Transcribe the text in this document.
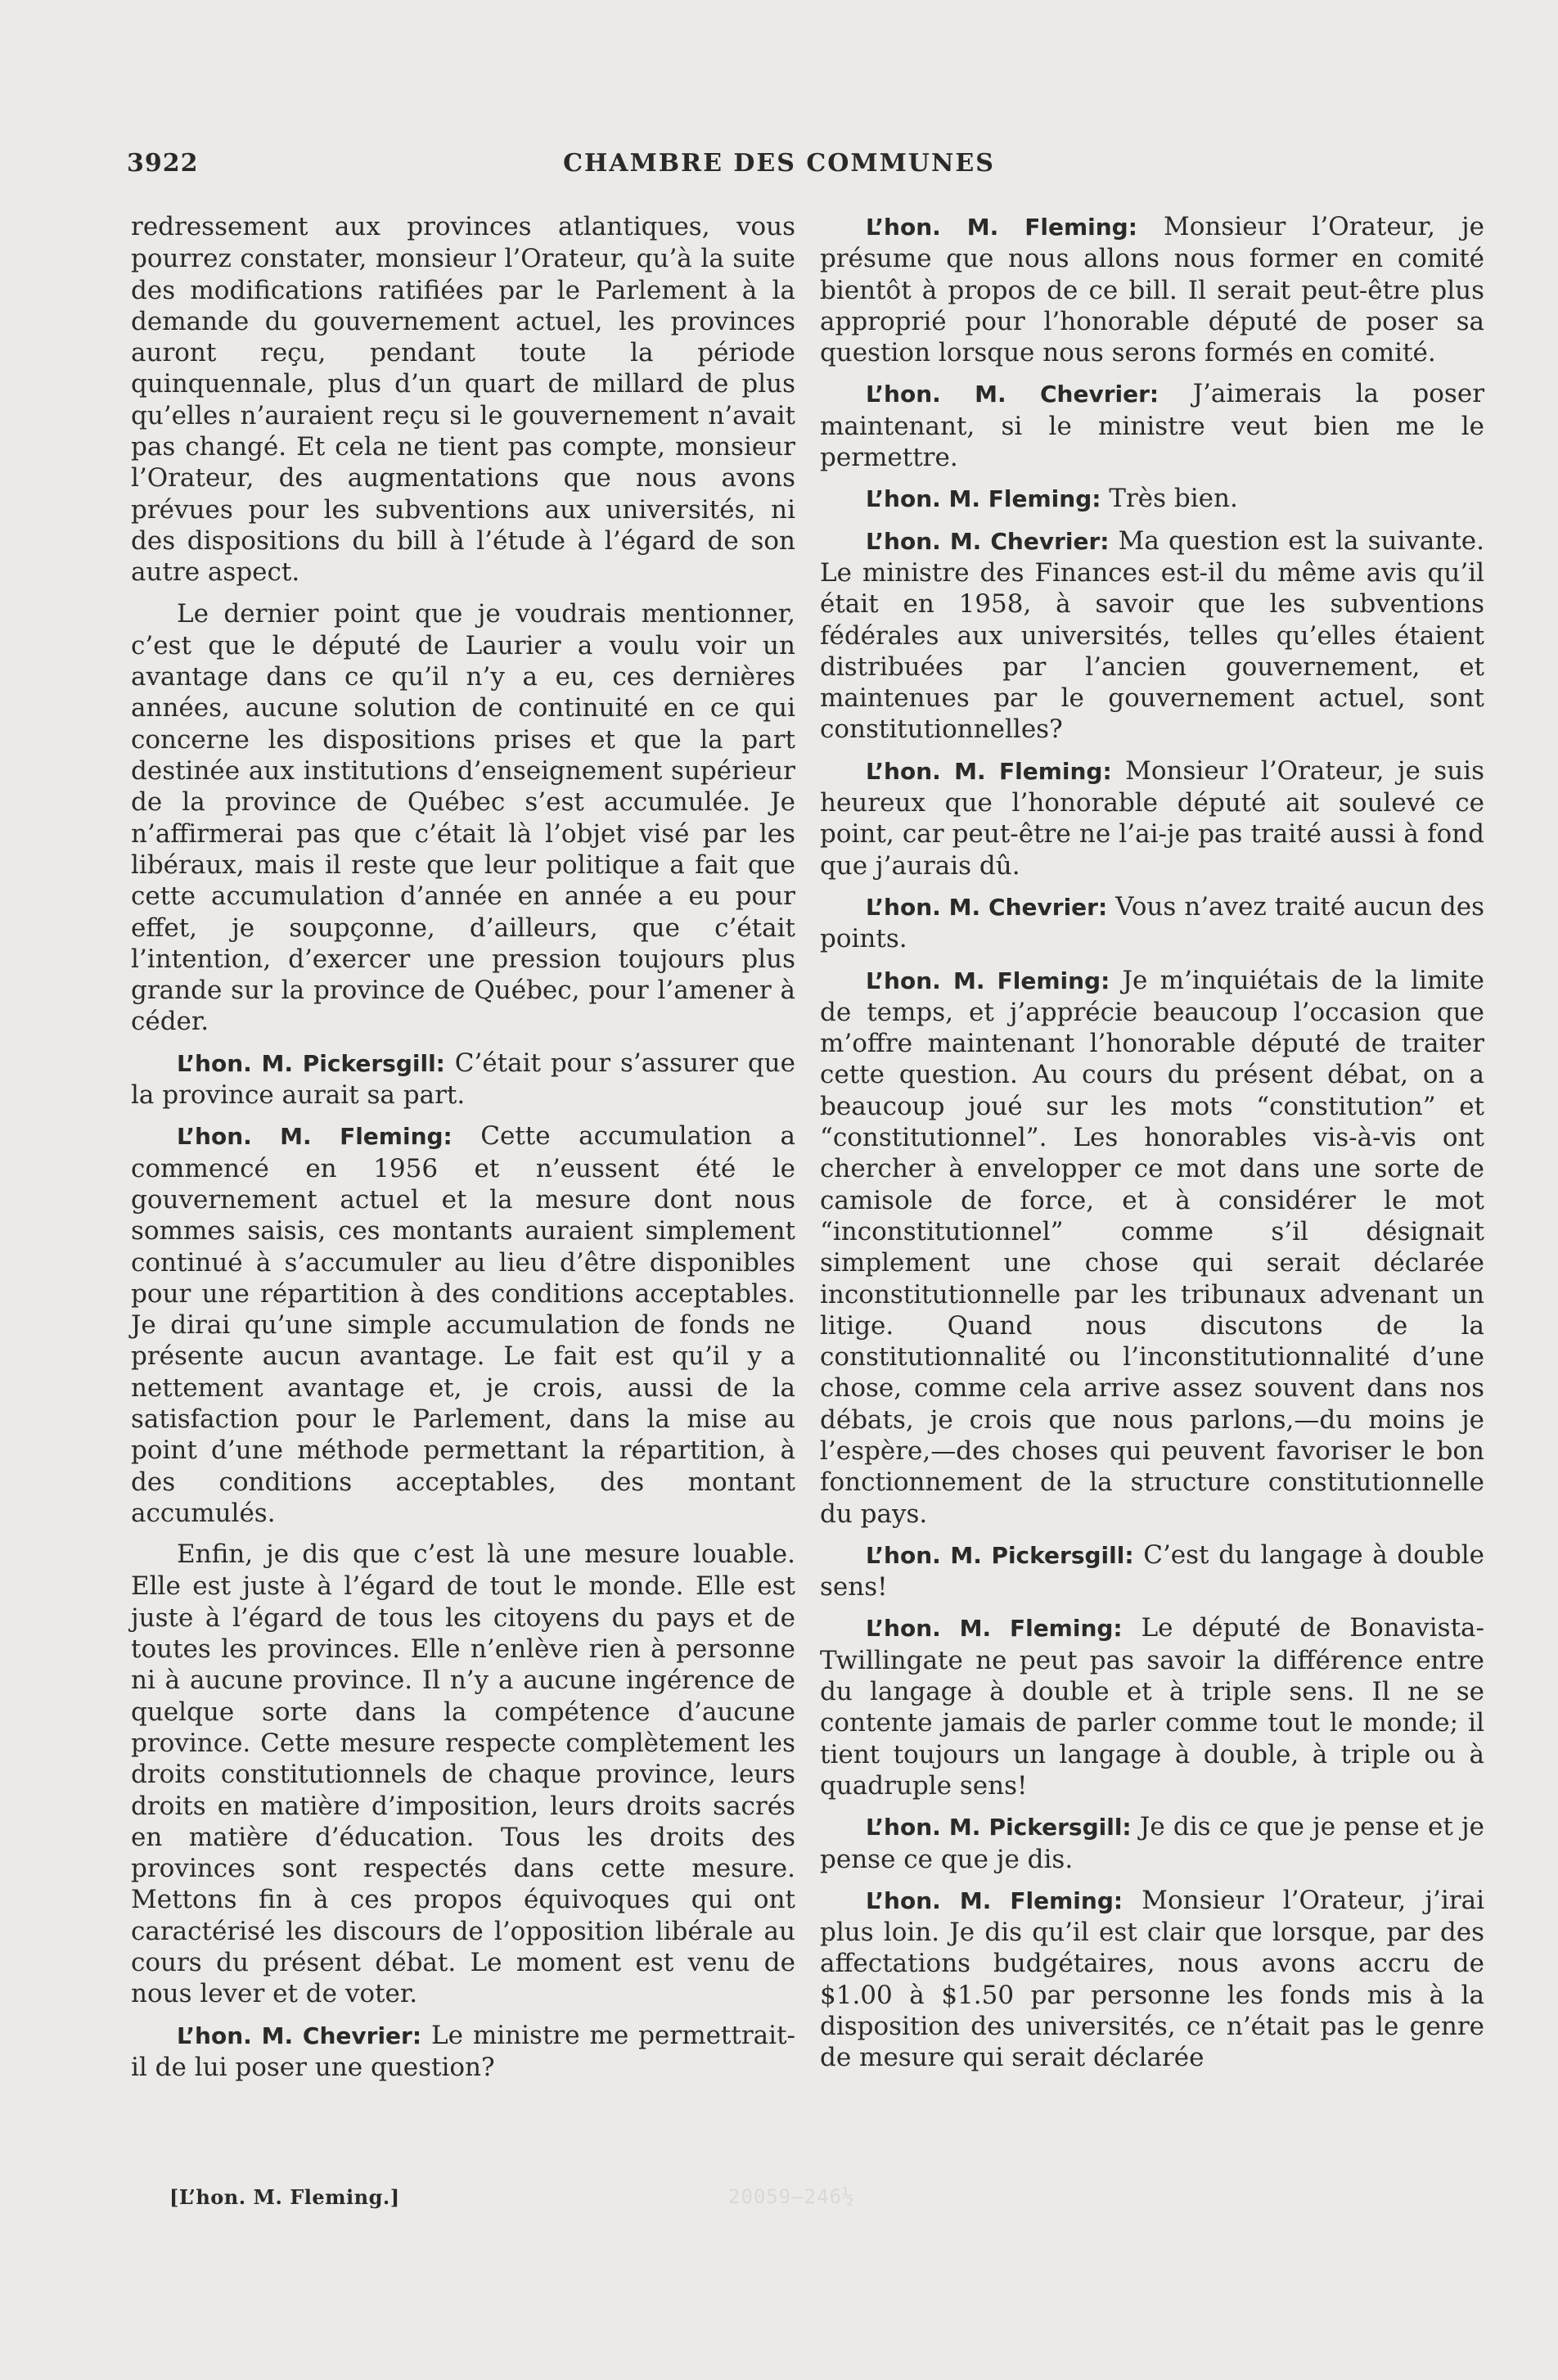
3922	CHAMBRE DES COMMUNES

redressement aux provinces atlantiques, vous pourrez constater, monsieur l’Orateur, qu’à la suite des modifications ratifiées par le Parlement à la demande du gouvernement actuel, les provinces auront reçu, pendant toute la période quinquennale, plus d’un quart de millard de plus qu’elles n’auraient reçu si le gouvernement n’avait pas changé. Et cela ne tient pas compte, monsieur l’Orateur, des augmentations que nous avons prévues pour les subventions aux universités, ni des dispositions du bill à l’étude à l’égard de son autre aspect.

Le dernier point que je voudrais mentionner, c’est que le député de Laurier a voulu voir un avantage dans ce qu’il n’y a eu, ces dernières années, aucune solution de continuité en ce qui concerne les dispositions prises et que la part destinée aux institutions d’enseignement supérieur de la province de Québec s’est accumulée. Je n’affirmerai pas que c’était là l’objet visé par les libéraux, mais il reste que leur politique a fait que cette accumulation d’année en année a eu pour effet, je soupçonne, d’ailleurs, que c’était l’intention, d’exercer une pression toujours plus grande sur la province de Québec, pour l’amener à céder.

L’hon. M. Pickersgill: C’était pour s’assurer que la province aurait sa part.

L’hon. M. Fleming: Cette accumulation a commencé en 1956 et n’eussent été le gouvernement actuel et la mesure dont nous sommes saisis, ces montants auraient simplement continué à s’accumuler au lieu d’être disponibles pour une répartition à des conditions acceptables. Je dirai qu’une simple accumulation de fonds ne présente aucun avantage. Le fait est qu’il y a nettement avantage et, je crois, aussi de la satisfaction pour le Parlement, dans la mise au point d’une méthode permettant la répartition, à des conditions acceptables, des montant accumulés.

Enfin, je dis que c’est là une mesure louable. Elle est juste à l’égard de tout le monde. Elle est juste à l’égard de tous les citoyens du pays et de toutes les provinces. Elle n’enlève rien à personne ni à aucune province. Il n’y a aucune ingérence de quelque sorte dans la compétence d’aucune province. Cette mesure respecte complètement les droits constitutionnels de chaque province, leurs droits en matière d’imposition, leurs droits sacrés en matière d’éducation. Tous les droits des provinces sont respectés dans cette mesure. Mettons fin à ces propos équivoques qui ont caractérisé les discours de l’opposition libérale au cours du présent débat. Le moment est venu de nous lever et de voter.

L’hon. M. Chevrier: Le ministre me permettrait-il de lui poser une question?

L’hon. M. Fleming: Monsieur l’Orateur, je présume que nous allons nous former en comité bientôt à propos de ce bill. Il serait peut-être plus approprié pour l’honorable député de poser sa question lorsque nous serons formés en comité.

L’hon. M. Chevrier: J’aimerais la poser maintenant, si le ministre veut bien me le permettre.

L’hon. M. Fleming: Très bien.

L’hon. M. Chevrier: Ma question est la suivante. Le ministre des Finances est-il du même avis qu’il était en 1958, à savoir que les subventions fédérales aux universités, telles qu’elles étaient distribuées par l’ancien gouvernement, et maintenues par le gouvernement actuel, sont constitutionnelles?

L’hon. M. Fleming: Monsieur l’Orateur, je suis heureux que l’honorable député ait soulevé ce point, car peut-être ne l’ai-je pas traité aussi à fond que j’aurais dû.

L’hon. M. Chevrier: Vous n’avez traité aucun des points.

L’hon. M. Fleming: Je m’inquiétais de la limite de temps, et j’apprécie beaucoup l’occasion que m’offre maintenant l’honorable député de traiter cette question. Au cours du présent débat, on a beaucoup joué sur les mots “constitution” et “constitutionnel”. Les honorables vis-à-vis ont chercher à envelopper ce mot dans une sorte de camisole de force, et à considérer le mot “inconstitutionnel” comme s’il désignait simplement une chose qui serait déclarée inconstitutionnelle par les tribunaux advenant un litige. Quand nous discutons de la constitutionnalité ou l’inconstitutionnalité d’une chose, comme cela arrive assez souvent dans nos débats, je crois que nous parlons,—du moins je l’espère,—des choses qui peuvent favoriser le bon fonctionnement de la structure constitutionnelle du pays.

L’hon. M. Pickersgill: C’est du langage à double sens!

L’hon. M. Fleming: Le député de Bonavista-Twillingate ne peut pas savoir la différence entre du langage à double et à triple sens. Il ne se contente jamais de parler comme tout le monde; il tient toujours un langage à double, à triple ou à quadruple sens!

L’hon. M. Pickersgill: Je dis ce que je pense et je pense ce que je dis.

L’hon. M. Fleming: Monsieur l’Orateur, j’irai plus loin. Je dis qu’il est clair que lorsque, par des affectations budgétaires, nous avons accru de $1.00 à $1.50 par personne les fonds mis à la disposition des universités, ce n’était pas le genre de mesure qui serait déclarée

[L’hon. M. Fleming.]	20059—246½
